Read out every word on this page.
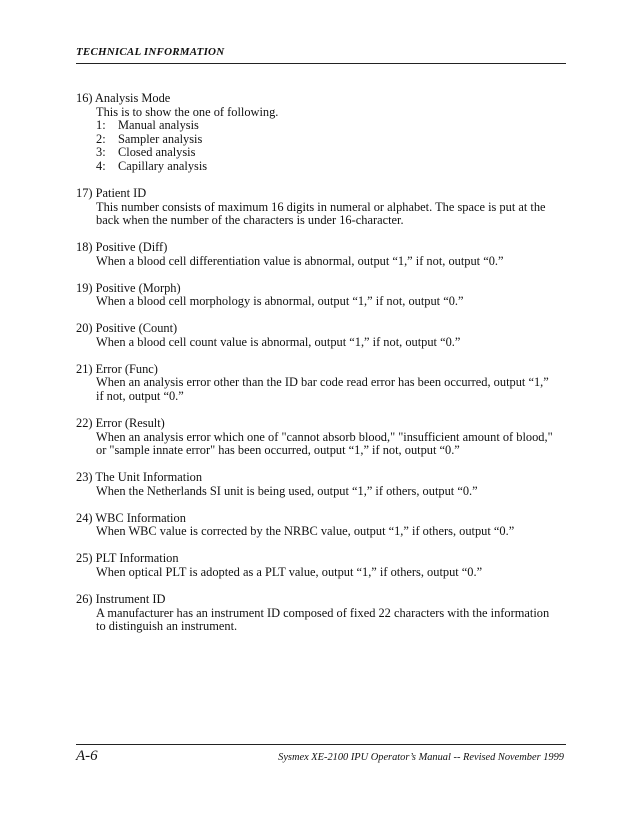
TECHNICAL INFORMATION
16) Analysis Mode
This is to show the one of following.
1: Manual analysis
2: Sampler analysis
3: Closed analysis
4: Capillary analysis
17) Patient ID
This number consists of maximum 16 digits in numeral or alphabet. The space is put at the
back when the number of the characters is under 16-character.
18) Positive (Diff)
When a blood cell differentiation value is abnormal, output “1,” if not, output “0.”
19) Positive (Morph)
When a blood cell morphology is abnormal, output “1,” if not, output “0.”
20) Positive (Count)
When a blood cell count value is abnormal, output “1,” if not, output “0.”
21) Error (Func)
When an analysis error other than the ID bar code read error has been occurred, output “1,”
if not, output “0.”
22) Error (Result)
When an analysis error which one of "cannot absorb blood," "insufficient amount of blood,"
or "sample innate error" has been occurred, output “1,” if not, output “0.”
23) The Unit Information
When the Netherlands SI unit is being used, output “1,” if others, output “0.”
24) WBC Information
When WBC value is corrected by the NRBC value, output “1,” if others, output “0.”
25) PLT Information
When optical PLT is adopted as a PLT value, output “1,” if others, output “0.”
26) Instrument ID
A manufacturer has an instrument ID composed of fixed 22 characters with the information
to distinguish an instrument.
A-6	Sysmex XE-2100 IPU Operator’s Manual -- Revised November 1999
